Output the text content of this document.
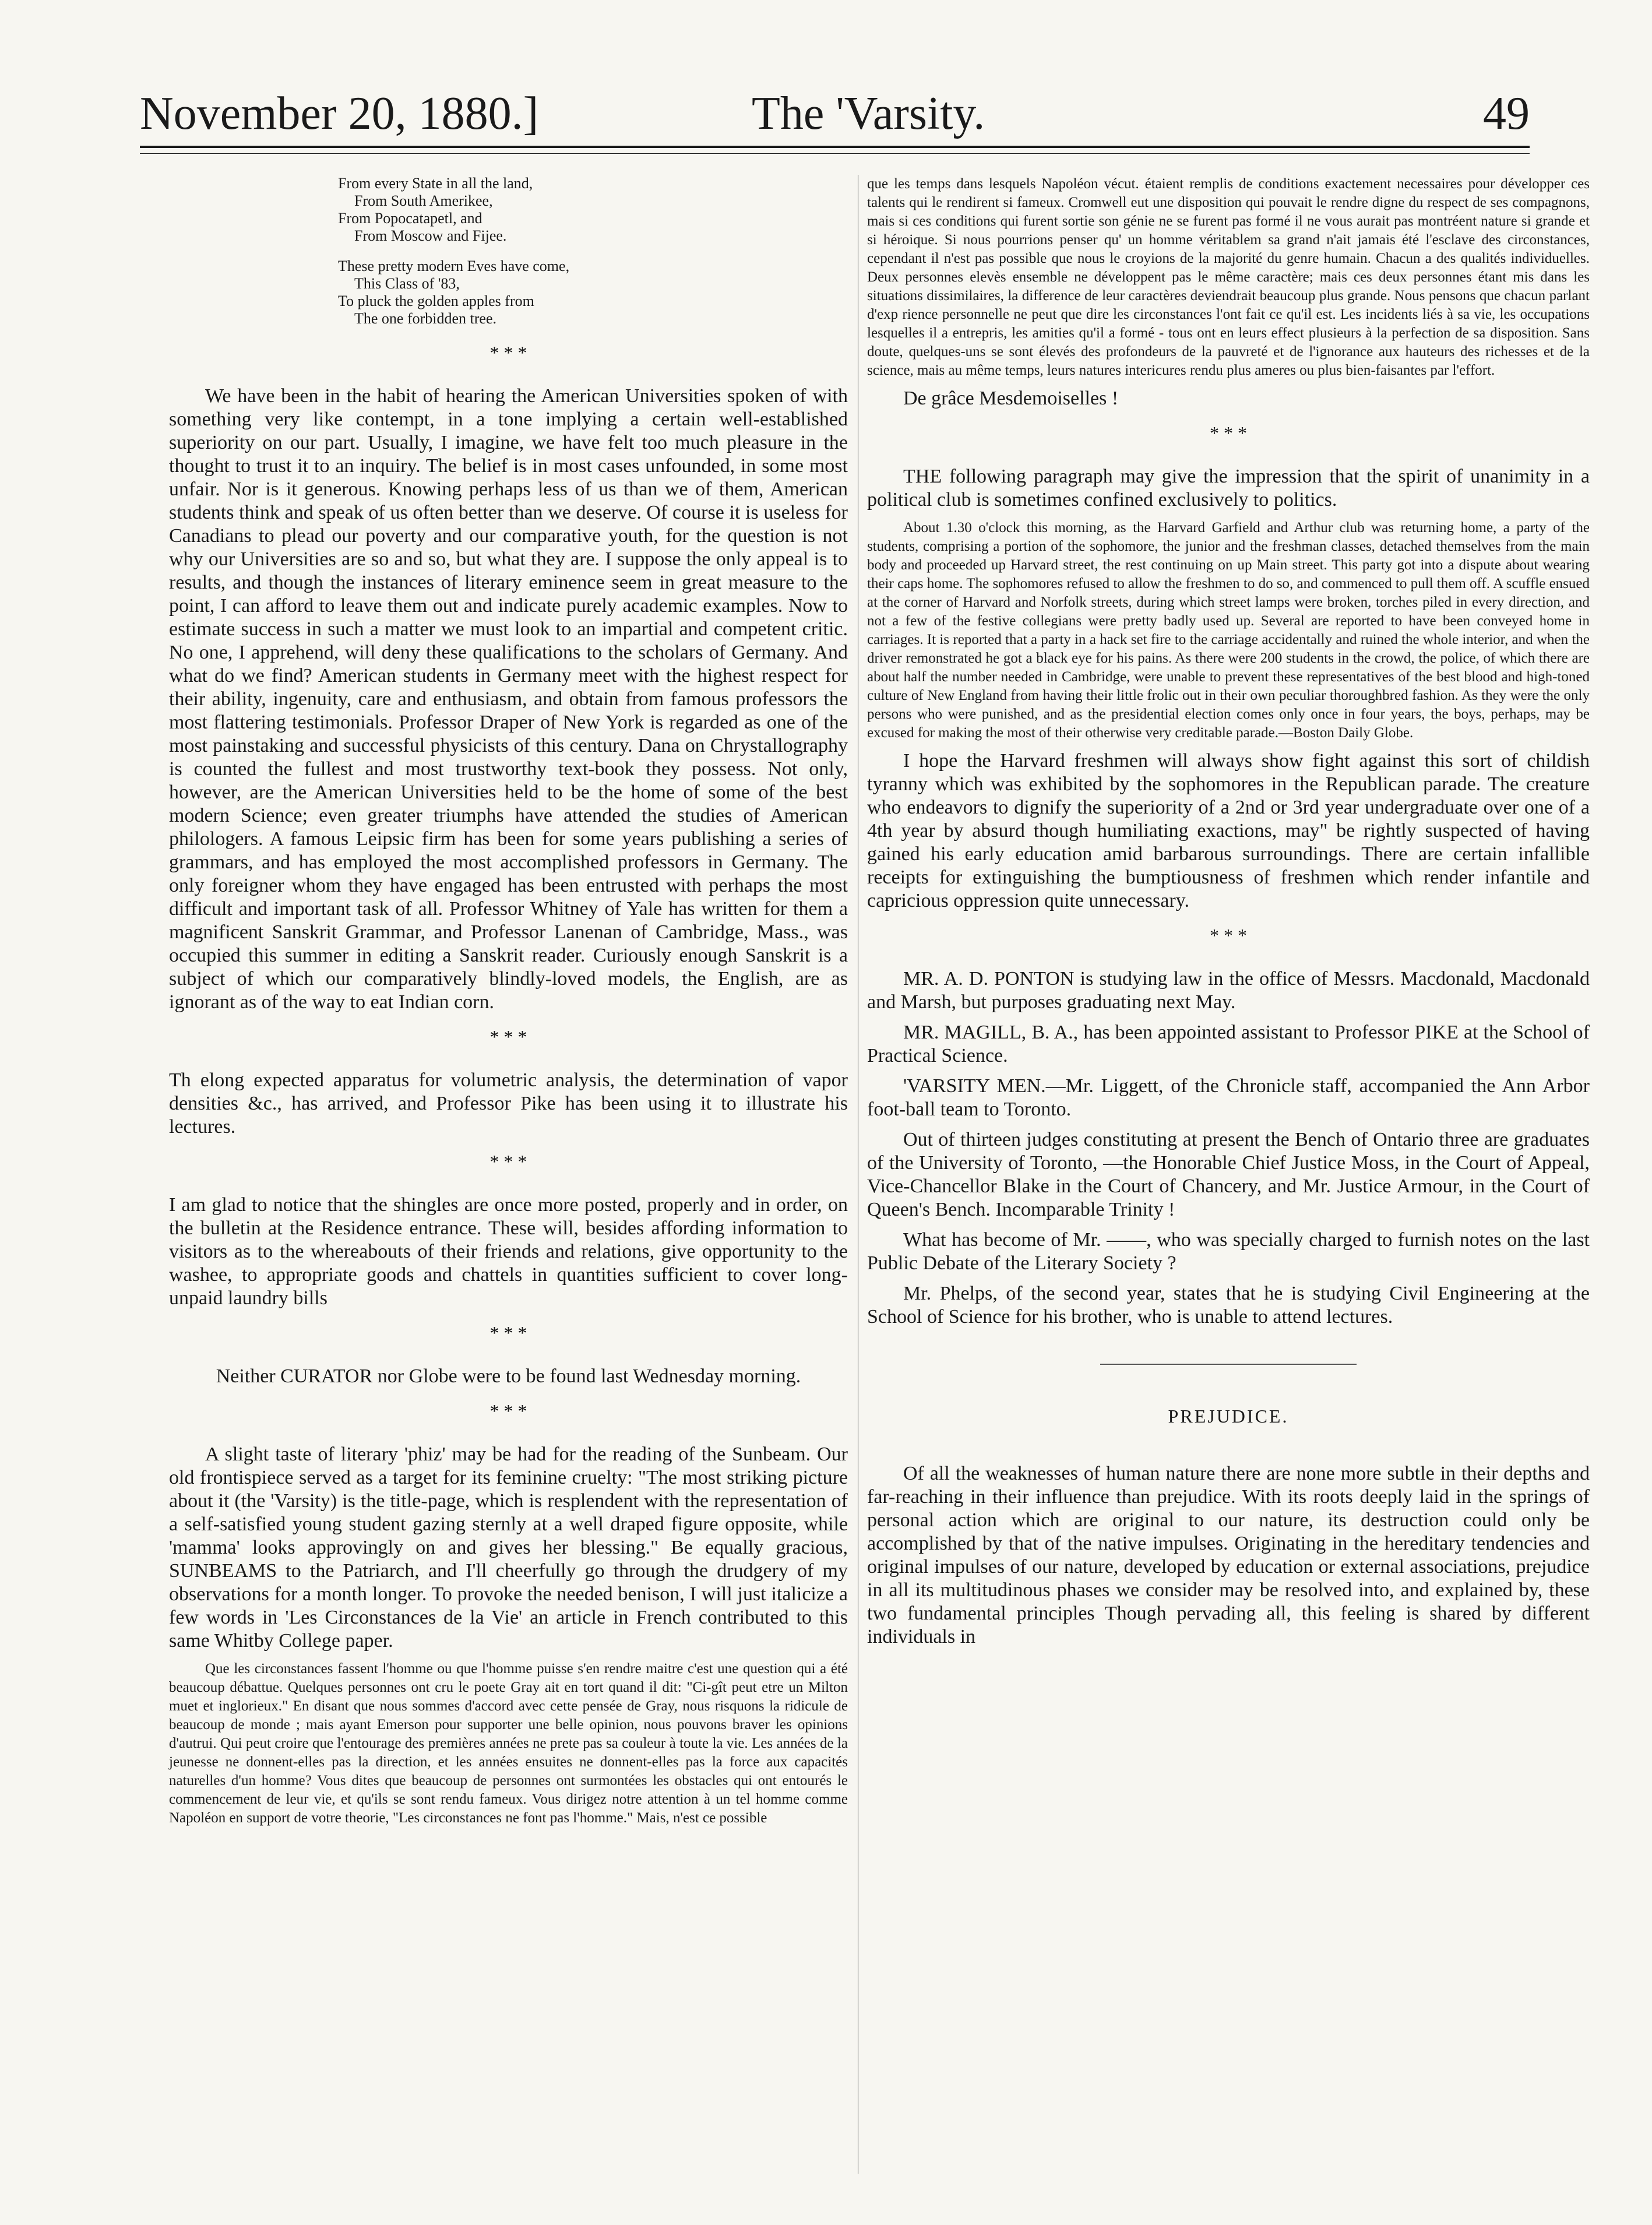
November 20, 1880.]	The 'Varsity.	49
From every State in all the land,
From South Amerikee,
From Popocatapetl, and
From Moscow and Fijee.
These pretty modern Eves have come,
This Class of '83,
To pluck the golden apples from
The one forbidden tree.
* * *

We have been in the habit of hearing the American Universities spoken of with something very like contempt, in a tone implying a certain well-established superiority on our part. Usually, I imagine, we have felt too much pleasure in the thought to trust it to an inquiry. The belief is in most cases unfounded, in some most unfair. Nor is it generous. Knowing perhaps less of us than we of them, American students think and speak of us often better than we deserve. Of course it is useless for Canadians to plead our poverty and our comparative youth, for the question is not why our Universities are so and so, but what they are. I suppose the only appeal is to results, and though the instances of literary eminence seem in great measure to the point, I can afford to leave them out and indicate purely academic examples. Now to estimate success in such a matter we must look to an impartial and competent critic. No one, I apprehend, will deny these qualifications to the scholars of Germany. And what do we find? American students in Germany meet with the highest respect for their ability, ingenuity, care and enthusiasm, and obtain from famous professors the most flattering testimonials. Professor Draper of New York is regarded as one of the most painstaking and successful physicists of this century. Dana on Chrystallography is counted the fullest and most trustworthy text-book they possess. Not only, however, are the American Universities held to be the home of some of the best modern Science; even greater triumphs have attended the studies of American philologers. A famous Leipsic firm has been for some years publishing a series of grammars, and has employed the most accomplished professors in Germany. The only foreigner whom they have engaged has been entrusted with perhaps the most difficult and important task of all. Professor Whitney of Yale has written for them a magnificent Sanskrit Grammar, and Professor Lanenan of Cambridge, Mass., was occupied this summer in editing a Sanskrit reader. Curiously enough Sanskrit is a subject of which our comparatively blindly-loved models, the English, are as ignorant as of the way to eat Indian corn.

* * *

Th elong expected apparatus for volumetric analysis, the determination of vapor densities &c., has arrived, and Professor Pike has been using it to illustrate his lectures.

* * *

I am glad to notice that the shingles are once more posted, properly and in order, on the bulletin at the Residence entrance. These will, besides affording information to visitors as to the whereabouts of their friends and relations, give opportunity to the washee, to appropriate goods and chattels in quantities sufficient to cover long-unpaid laundry bills

* * *

Neither CURATOR nor Globe were to be found last Wednesday morning.

* * *

A slight taste of literary 'phiz' may be had for the reading of the Sunbeam. Our old frontispiece served as a target for its feminine cruelty: "The most striking picture about it (the 'Varsity) is the title-page, which is resplendent with the representation of a self-satisfied young student gazing sternly at a well draped figure opposite, while 'mamma' looks approvingly on and gives her blessing." Be equally gracious, SUNBEAMS to the Patriarch, and I'll cheerfully go through the drudgery of my observations for a month longer. To provoke the needed benison, I will just italicize a few words in 'Les Circonstances de la Vie' an article in French contributed to this same Whitby College paper.

Que les circonstances fassent l'homme ou que l'homme puisse s'en rendre maitre c'est une question qui a été beaucoup débattue. Quelques personnes ont cru le poete Gray ait en tort quand il dit: "Ci-gît peut etre un Milton muet et inglorieux." En disant que nous sommes d'accord avec cette pensée de Gray, nous risquons la ridicule de beaucoup de monde ; mais ayant Emerson pour supporter une belle opinion, nous pouvons braver les opinions d'autrui. Qui peut croire que l'entourage des premières années ne prete pas sa couleur à toute la vie. Les années de la jeunesse ne donnent-elles pas la direction, et les années ensuites ne donnent-elles pas la force aux capacités naturelles d'un homme? Vous dites que beaucoup de personnes ont surmontées les obstacles qui ont entourés le commencement de leur vie, et qu'ils se sont rendu fameux. Vous dirigez notre attention à un tel homme comme Napoléon en support de votre theorie, "Les circonstances ne font pas l'homme." Mais, n'est ce possible

que les temps dans lesquels Napoléon vécut. étaient remplis de conditions exactement necessaires pour développer ces talents qui le rendirent si fameux. Cromwell eut une disposition qui pouvait le rendre digne du respect de ses compagnons, mais si ces conditions qui furent sortie son génie ne se furent pas formé il ne vous aurait pas montréent nature si grande et si héroique. Si nous pourrions penser qu' un homme véritablem sa grand n'ait jamais été l'esclave des circonstances, cependant il n'est pas possible que nous le croyions de la majorité du genre humain. Chacun a des qualités individuelles. Deux personnes elevès ensemble ne développent pas le même caractère; mais ces deux personnes étant mis dans les situations dissimilaires, la difference de leur caractères deviendrait beaucoup plus grande. Nous pensons que chacun parlant d'exp rience personnelle ne peut que dire les circonstances l'ont fait ce qu'il est. Les incidents liés à sa vie, les occupations lesquelles il a entrepris, les amities qu'il a formé - tous ont en leurs effect plusieurs à la perfection de sa disposition. Sans doute, quelques-uns se sont élevés des profondeurs de la pauvreté et de l'ignorance aux hauteurs des richesses et de la science, mais au même temps, leurs natures intericures rendu plus ameres ou plus bien-faisantes par l'effort.

De grâce Mesdemoiselles !

* * *

THE following paragraph may give the impression that the spirit of unanimity in a political club is sometimes confined exclusively to politics.

About 1.30 o'clock this morning, as the Harvard Garfield and Arthur club was returning home, a party of the students, comprising a portion of the sophomore, the junior and the freshman classes, detached themselves from the main body and proceeded up Harvard street, the rest continuing on up Main street. This party got into a dispute about wearing their caps home. The sophomores refused to allow the freshmen to do so, and commenced to pull them off. A scuffle ensued at the corner of Harvard and Norfolk streets, during which street lamps were broken, torches piled in every direction, and not a few of the festive collegians were pretty badly used up. Several are reported to have been conveyed home in carriages. It is reported that a party in a hack set fire to the carriage accidentally and ruined the whole interior, and when the driver remonstrated he got a black eye for his pains. As there were 200 students in the crowd, the police, of which there are about half the number needed in Cambridge, were unable to prevent these representatives of the best blood and high-toned culture of New England from having their little frolic out in their own peculiar thoroughbred fashion. As they were the only persons who were punished, and as the presidential election comes only once in four years, the boys, perhaps, may be excused for making the most of their otherwise very creditable parade.—Boston Daily Globe.

I hope the Harvard freshmen will always show fight against this sort of childish tyranny which was exhibited by the sophomores in the Republican parade. The creature who endeavors to dignify the superiority of a 2nd or 3rd year undergraduate over one of a 4th year by absurd though humiliating exactions, may" be rightly suspected of having gained his early education amid barbarous surroundings. There are certain infallible receipts for extinguishing the bumptiousness of freshmen which render infantile and capricious oppression quite unnecessary.

* * *

MR. A. D. PONTON is studying law in the office of Messrs. Macdonald, Macdonald and Marsh, but purposes graduating next May.

MR. MAGILL, B. A., has been appointed assistant to Professor PIKE at the School of Practical Science.

'VARSITY MEN.—Mr. Liggett, of the Chronicle staff, accompanied the Ann Arbor foot-ball team to Toronto.

Out of thirteen judges constituting at present the Bench of Ontario three are graduates of the University of Toronto, —the Honorable Chief Justice Moss, in the Court of Appeal, Vice-Chancellor Blake in the Court of Chancery, and Mr. Justice Armour, in the Court of Queen's Bench. Incomparable Trinity !

What has become of Mr. ——, who was specially charged to furnish notes on the last Public Debate of the Literary Society ?

Mr. Phelps, of the second year, states that he is studying Civil Engineering at the School of Science for his brother, who is unable to attend lectures.

PREJUDICE.

Of all the weaknesses of human nature there are none more subtle in their depths and far-reaching in their influence than prejudice. With its roots deeply laid in the springs of personal action which are original to our nature, its destruction could only be accomplished by that of the native impulses. Originating in the hereditary tendencies and original impulses of our nature, developed by education or external associations, prejudice in all its multitudinous phases we consider may be resolved into, and explained by, these two fundamental principles Though pervading all, this feeling is shared by different individuals in
